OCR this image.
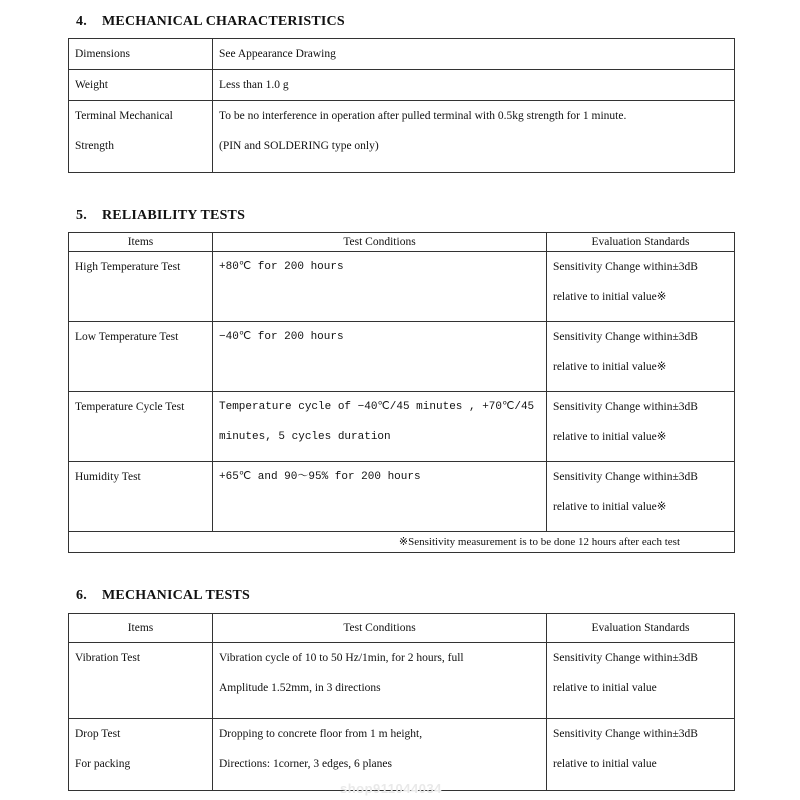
4. MECHANICAL CHARACTERISTICS
Dimensions	See Appearance Drawing

Weight	Less than 1.0 g

Terminal Mechanical
Strength	To be no interference in operation after pulled terminal with 0.5kg strength for 1 minute.
(PIN and SOLDERING type only)
5. RELIABILITY TESTS
Items	Test Conditions	Evaluation Standards

High Temperature Test	+80℃ for 200 hours	Sensitivity Change within±3dB
relative to initial value※

Low Temperature Test	−40℃ for 200 hours	Sensitivity Change within±3dB
relative to initial value※

Temperature Cycle Test	Temperature cycle of −40℃/45 minutes , +70℃/45
minutes, 5 cycles duration	Sensitivity Change within±3dB
relative to initial value※

Humidity Test	+65℃ and 90～95% for 200 hours	Sensitivity Change within±3dB
relative to initial value※

※Sensitivity measurement is to be done 12 hours after each test		
6. MECHANICAL TESTS
Items	Test Conditions	Evaluation Standards

Vibration Test	Vibration cycle of 10 to 50 Hz/1min, for 2 hours, full
Amplitude 1.52mm, in 3 directions	Sensitivity Change within±3dB
relative to initial value

Drop Test
For packing	Dropping to concrete floor from 1 m height,
Directions: 1corner, 3 edges, 6 planes	Sensitivity Change within±3dB
relative to initial value
shop911044034
